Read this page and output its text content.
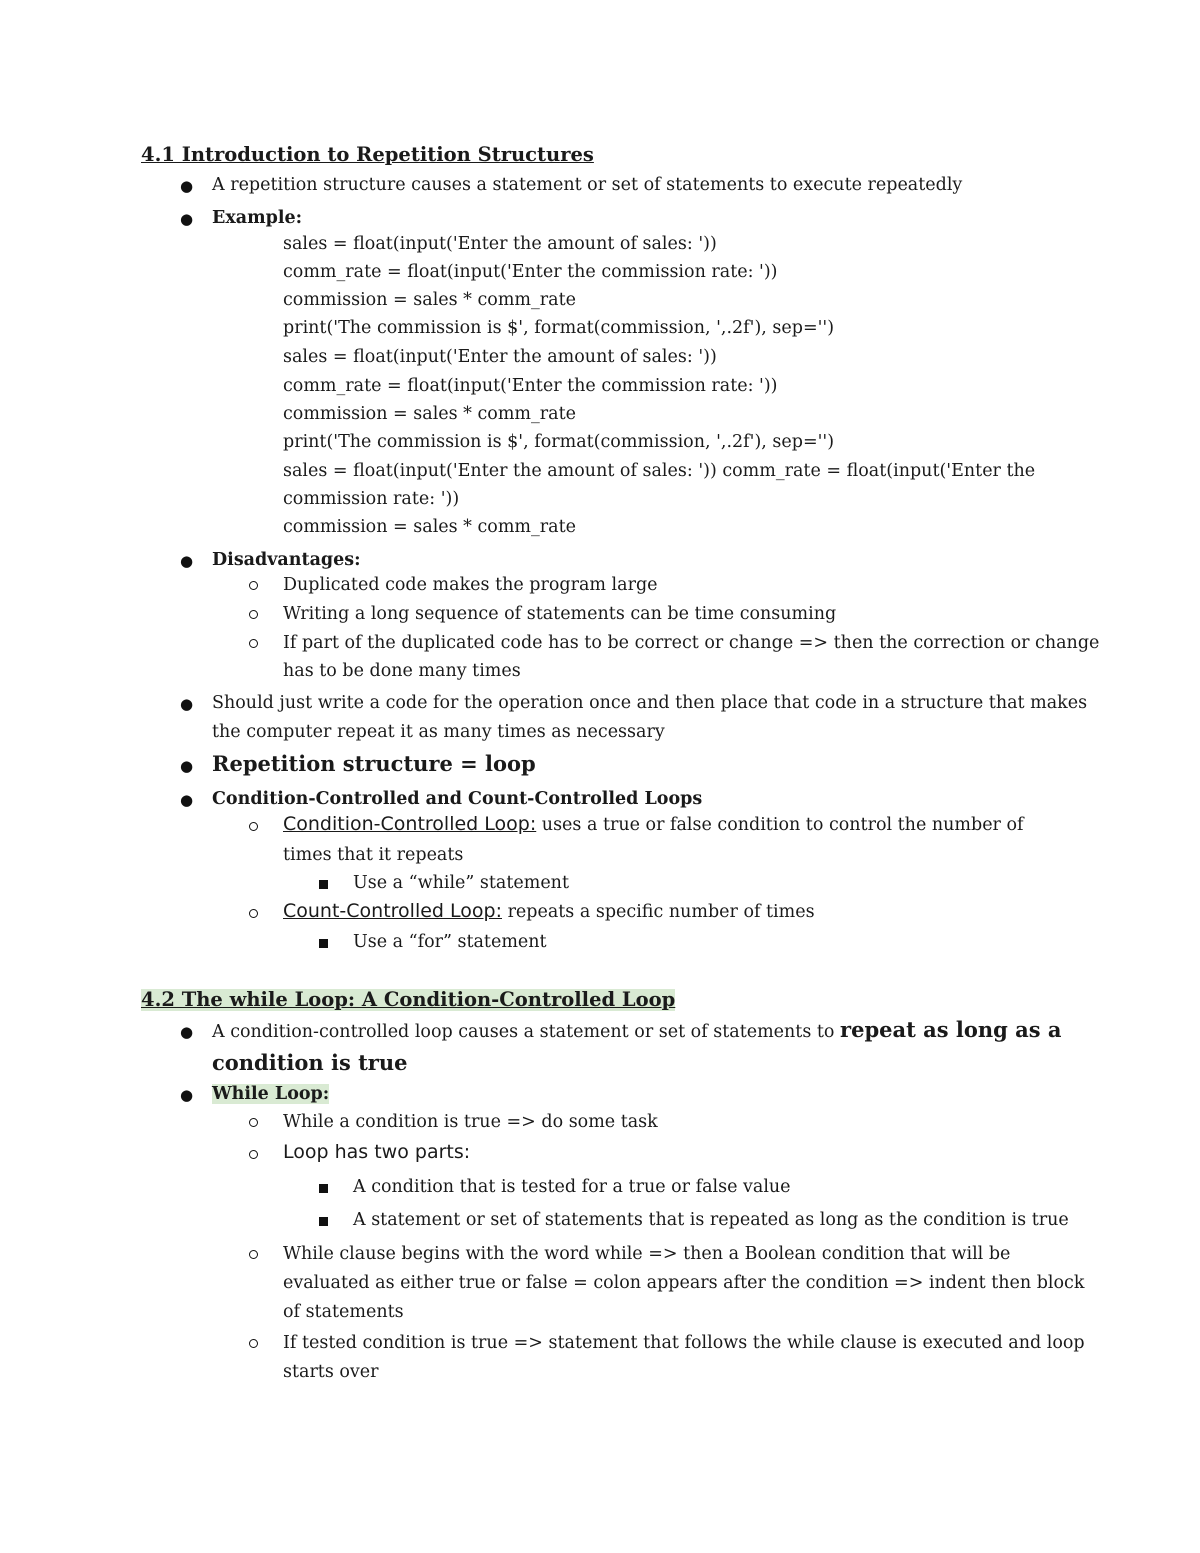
4.1 Introduction to Repetition Structures
● A repetition structure causes a statement or set of statements to execute repeatedly
● Example:
sales = float(input('Enter the amount of sales: '))
comm_rate = float(input('Enter the commission rate: '))
commission = sales * comm_rate
print('The commission is $', format(commission, ',.2f'), sep='')
sales = float(input('Enter the amount of sales: '))
comm_rate = float(input('Enter the commission rate: '))
commission = sales * comm_rate
print('The commission is $', format(commission, ',.2f'), sep='')
sales = float(input('Enter the amount of sales: ')) comm_rate = float(input('Enter the
commission rate: '))
commission = sales * comm_rate
● Disadvantages:
Duplicated code makes the program large
Writing a long sequence of statements can be time consuming
If part of the duplicated code has to be correct or change => then the correction or change
has to be done many times
● Should just write a code for the operation once and then place that code in a structure that makes
the computer repeat it as many times as necessary
● Repetition structure = loop
● Condition-Controlled and Count-Controlled Loops
Condition-Controlled Loop: uses a true or false condition to control the number of
times that it repeats
Use a “while” statement
Count-Controlled Loop: repeats a specific number of times
Use a “for” statement
4.2 The while Loop: A Condition-Controlled Loop
● A condition-controlled loop causes a statement or set of statements to repeat as long as a
condition is true
● While Loop:
While a condition is true => do some task
Loop has two parts:
A condition that is tested for a true or false value
A statement or set of statements that is repeated as long as the condition is true
While clause begins with the word while => then a Boolean condition that will be
evaluated as either true or false = colon appears after the condition => indent then block
of statements
If tested condition is true => statement that follows the while clause is executed and loop
starts over
